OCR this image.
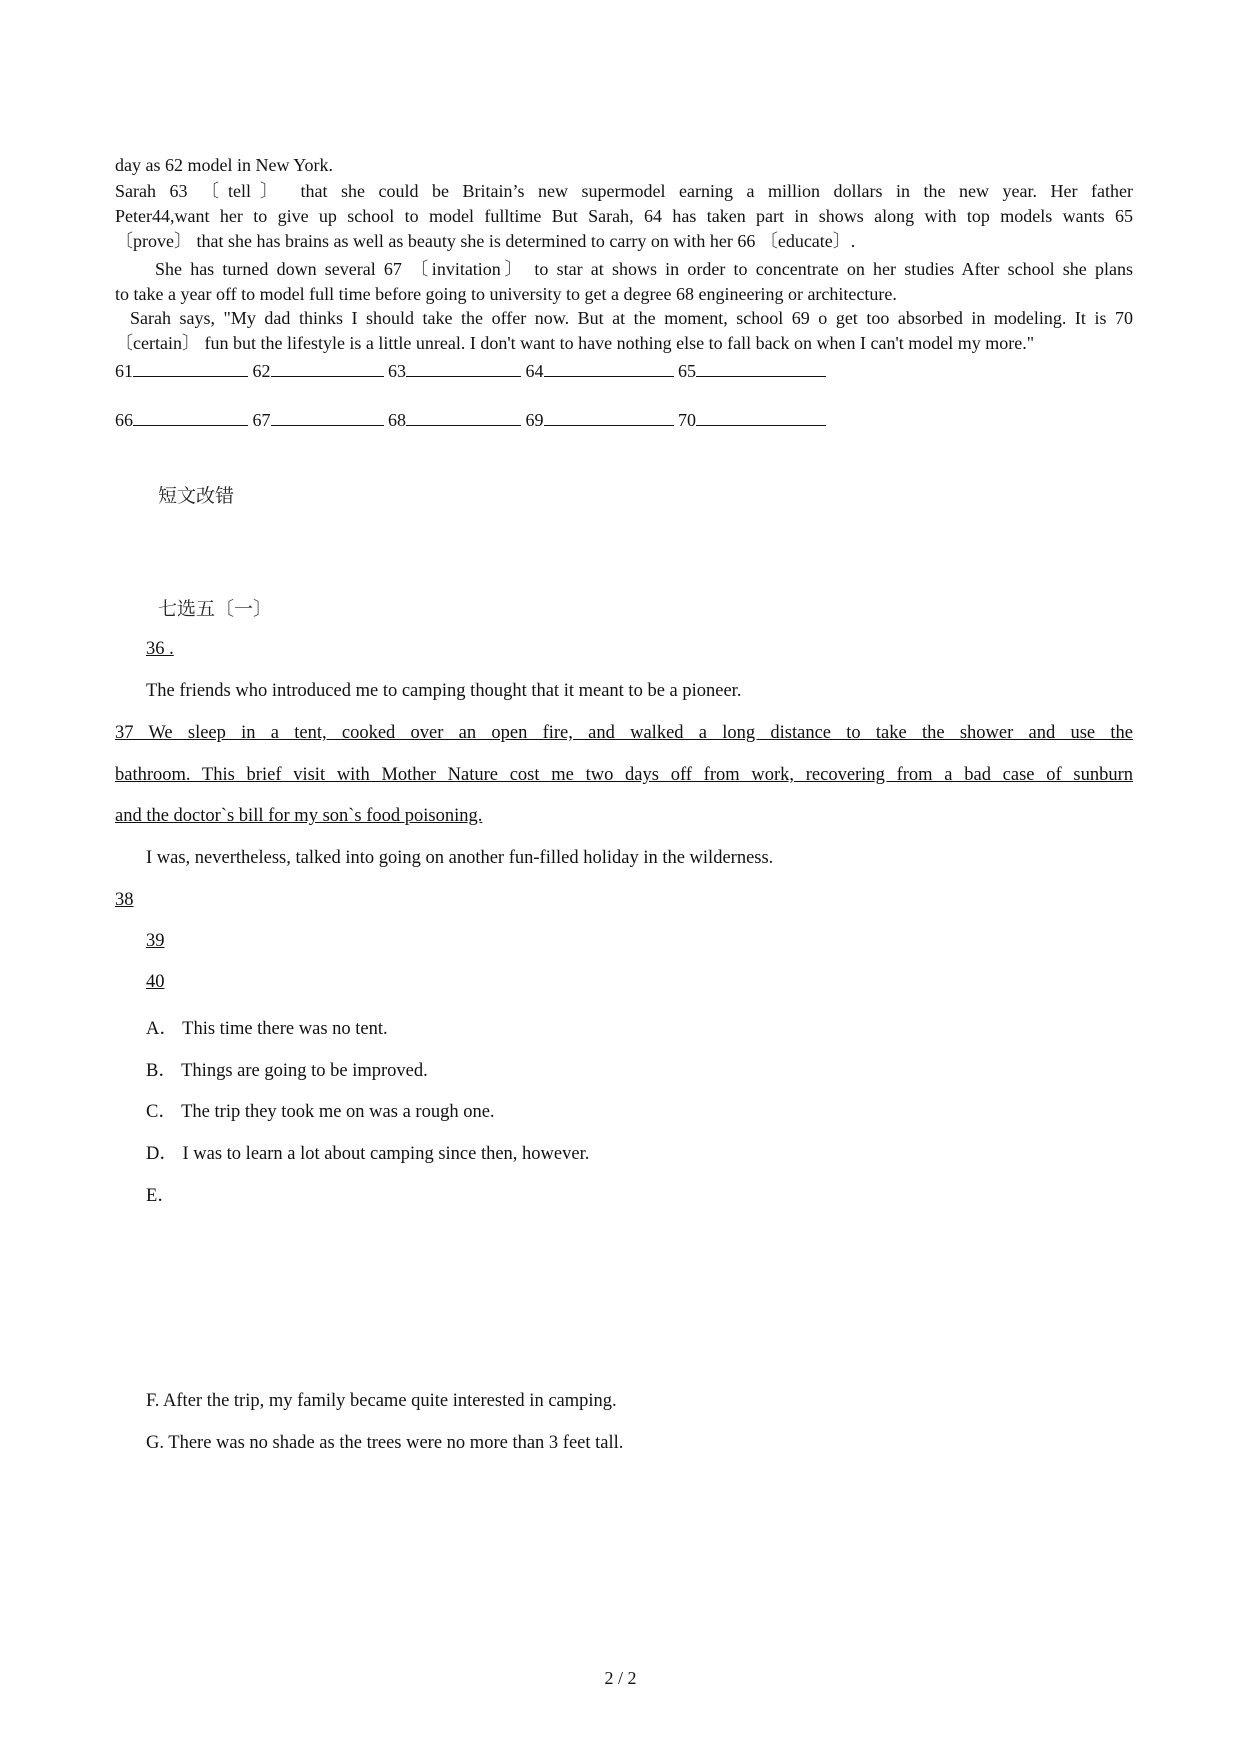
day as 62 model in New York.
Sarah 63 〔tell〕 that she could be Britain’s new supermodel earning a million dollars in the new year. Her father
Peter44,want her to give up school to model fulltime But Sarah, 64 has taken part in shows along with top models wants 65
〔prove〕 that she has brains as well as beauty she is determined to carry on with her 66 〔educate〕.
She has turned down several 67 〔invitation〕 to star at shows in order to concentrate on her studies After school she plans
to take a year off to model full time before going to university to get a degree 68 engineering or architecture.
Sarah says, "My dad thinks I should take the offer now. But at the moment, school 69 o get too absorbed in modeling. It is 70
〔certain〕 fun but the lifestyle is a little unreal. I don't want to have nothing else to fall back on when I can't model my more."
61	62	63	64	65
66	67	68	69	70
短文改错
七选五〔一〕
36 .
The friends who introduced me to camping thought that it meant to be a pioneer.
37 We sleep in a tent, cooked over an open fire, and walked a long distance to take the shower and use the
bathroom. This brief visit with Mother Nature cost me two days off from work, recovering from a bad case of sunburn
and the doctor`s bill for my son`s food poisoning.
I was, nevertheless, talked into going on another fun-filled holiday in the wilderness.
38
39
40
A． This time there was no tent.
B． Things are going to be improved.
C． The trip they took me on was a rough one.
D． I was to learn a lot about camping since then, however.
E．
F. After the trip, my family became quite interested in camping.
G. There was no shade as the trees were no more than 3 feet tall.
2 / 2
